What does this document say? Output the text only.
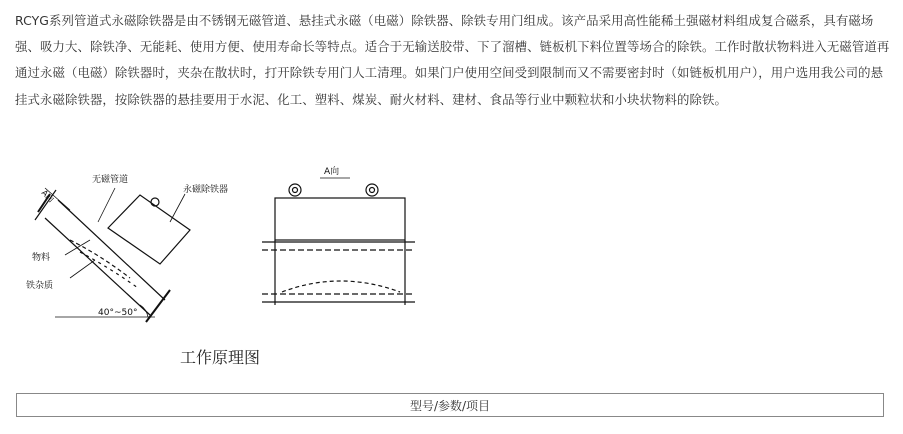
RCYG系列管道式永磁除铁器是由不锈钢无磁管道、悬挂式永磁（电磁）除铁器、除铁专用门组成。该产品采用高性能稀土强磁材料组成复合磁系，具有磁场强、吸力大、除铁净、无能耗、使用方便、使用寿命长等特点。适合于无输送胶带、下了溜槽、链板机下料位置等场合的除铁。工作时散状物料进入无磁管道再通过永磁（电磁）除铁器时，夹杂在散状时，打开除铁专用门人工清理。如果门户使用空间受到限制而又不需要密封时（如链板机用户），用户选用我公司的悬挂式永磁除铁器，按除铁器的悬挂要用于水泥、化工、塑料、煤炭、耐火材料、建材、食品等行业中颗粒状和小块状物料的除铁。

无磁管道
永磁除铁器
A向
物料
铁杂质
40°~50°
A向
工作原理图
型号/参数/项目
